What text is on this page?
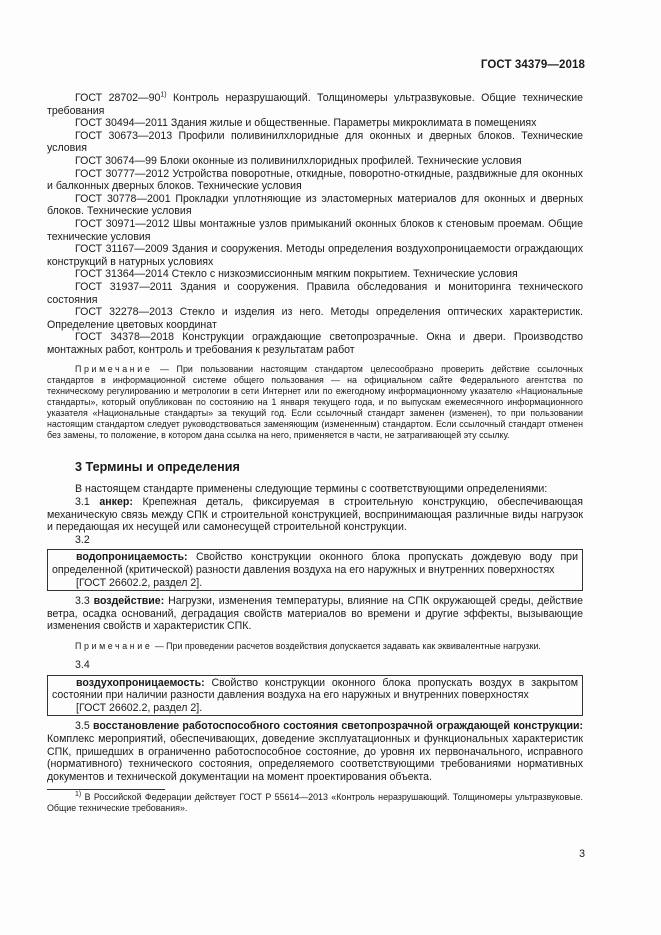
ГОСТ 34379—2018

ГОСТ 28702—90$^{1)}$ Контроль неразрушающий. Толщиномеры ультразвуковые. Общие технические требования

ГОСТ 30494—2011 Здания жилые и общественные. Параметры микроклимата в помещениях

ГОСТ 30673—2013 Профили поливинилхлоридные для оконных и дверных блоков. Технические условия

ГОСТ 30674—99 Блоки оконные из поливинилхлоридных профилей. Технические условия

ГОСТ 30777—2012 Устройства поворотные, откидные, поворотно-откидные, раздвижные для оконных и балконных дверных блоков. Технические условия

ГОСТ 30778—2001 Прокладки уплотняющие из эластомерных материалов для оконных и дверных блоков. Технические условия

ГОСТ 30971—2012 Швы монтажные узлов примыканий оконных блоков к стеновым проемам. Общие технические условия

ГОСТ 31167—2009 Здания и сооружения. Методы определения воздухопроницаемости ограждающих конструкций в натурных условиях

ГОСТ 31364—2014 Стекло с низкоэмиссионным мягким покрытием. Технические условия

ГОСТ 31937—2011 Здания и сооружения. Правила обследования и мониторинга технического состояния

ГОСТ 32278—2013 Стекло и изделия из него. Методы определения оптических характеристик. Определение цветовых координат

ГОСТ 34378—2018 Конструкции ограждающие светопрозрачные. Окна и двери. Производство монтажных работ, контроль и требования к результатам работ

Примечание — При пользовании настоящим стандартом целесообразно проверить действие ссылочных стандартов в информационной системе общего пользования — на официальном сайте Федерального агентства по техническому регулированию и метрологии в сети Интернет или по ежегодному информационному указателю «Национальные стандарты», который опубликован по состоянию на 1 января текущего года, и по выпускам ежемесячного информационного указателя «Национальные стандарты» за текущий год. Если ссылочный стандарт заменен (изменен), то при пользовании настоящим стандартом следует руководствоваться заменяющим (измененным) стандартом. Если ссылочный стандарт отменен без замены, то положение, в котором дана ссылка на него, применяется в части, не затрагивающей эту ссылку.

3 Термины и определения

В настоящем стандарте применены следующие термины с соответствующими определениями:

3.1 анкер: Крепежная деталь, фиксируемая в строительную конструкцию, обеспечивающая механическую связь между СПК и строительной конструкцией, воспринимающая различные виды нагрузок и передающая их несущей или самонесущей строительной конструкции.

3.2

водопроницаемость: Свойство конструкции оконного блока пропускать дождевую воду при определенной (критической) разности давления воздуха на его наружных и внутренних поверхностях
[ГОСТ 26602.2, раздел 2].

3.3 воздействие: Нагрузки, изменения температуры, влияние на СПК окружающей среды, действие ветра, осадка оснований, деградация свойств материалов во времени и другие эффекты, вызывающие изменения свойств и характеристик СПК.

Примечание — При проведении расчетов воздействия допускается задавать как эквивалентные нагрузки.

3.4

воздухопроницаемость: Свойство конструкции оконного блока пропускать воздух в закрытом состоянии при наличии разности давления воздуха на его наружных и внутренних поверхностях
[ГОСТ 26602.2, раздел 2].

3.5 восстановление работоспособного состояния светопрозрачной ограждающей конструкции: Комплекс мероприятий, обеспечивающих, доведение эксплуатационных и функциональных характеристик СПК, пришедших в ограниченно работоспособное состояние, до уровня их первоначального, исправного (нормативного) технического состояния, определяемого соответствующими требованиями нормативных документов и технической документации на момент проектирования объекта.

$^{1)}$ В Российской Федерации действует ГОСТ Р 55614—2013 «Контроль неразрушающий. Толщиномеры ультразвуковые. Общие технические требования».

3
